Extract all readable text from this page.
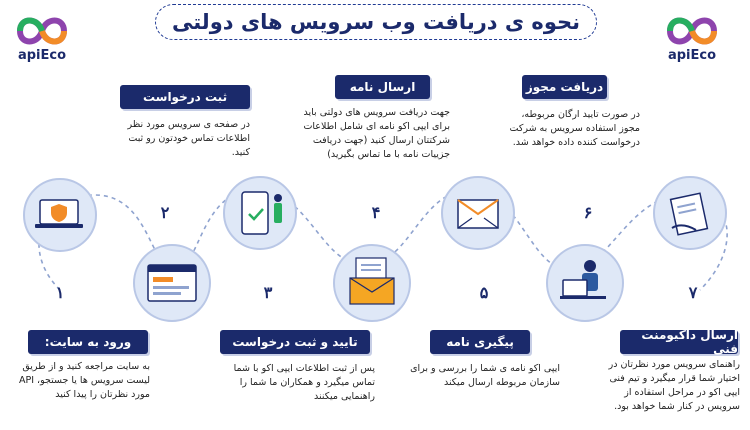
نحوه ی دریافت وب سرویس های دولتی
apiEco	apiEco
۱
۲
۳
۴
۵
۶
۷
ثبت درخواست
در صفحه ی سرویس مورد نظر اطلاعات تماس خودتون رو ثبت کنید.
ارسال نامه
جهت دریافت سرویس های دولتی باید برای ایپی اکو نامه ای شامل اطلاعات شرکتتان ارسال کنید (جهت دریافت جزییات نامه با ما تماس بگیرید)
دریافت مجوز
در صورت تایید ارگان مربوطه، مجوز استفاده سرویس به شرکت درخواست کننده داده خواهد شد.
ورود به سایت:
به سایت مراجعه کنید و از طریق لیست سرویس ها یا جستجو، API مورد نظرتان را پیدا کنید
تایید و ثبت درخواست
پس از ثبت اطلاعات ایپی اکو با شما تماس میگیرد و همکاران ما شما را راهنمایی میکنند
پیگیری نامه
ایپی اکو نامه ی شما را بررسی و برای سازمان مربوطه ارسال میکند
ارسال داکیومنت فنی
راهنمای سرویس مورد نظرتان در اختیار شما قرار میگیرد و تیم فنی ایپی اکو در مراحل استفاده از سرویس در کنار شما خواهد بود.
